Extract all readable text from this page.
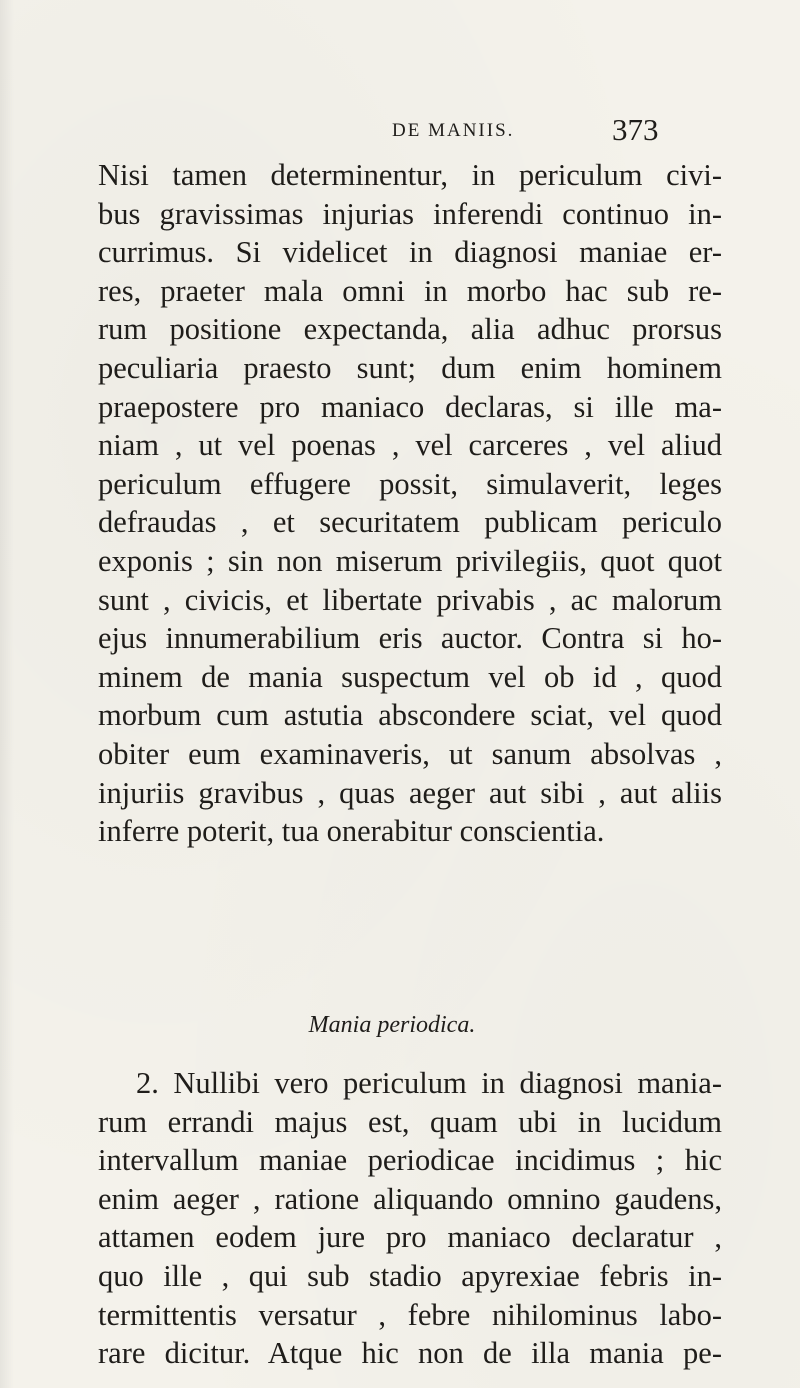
DE MANIIS.	373
Nisi tamen determinentur, in periculum civi-
bus gravissimas injurias inferendi continuo in-
currimus. Si videlicet in diagnosi maniae er-
res, praeter mala omni in morbo hac sub re-
rum positione expectanda, alia adhuc prorsus
peculiaria praesto sunt; dum enim hominem
praepostere pro maniaco declaras, si ille ma-
niam , ut vel poenas , vel carceres , vel aliud
periculum effugere possit, simulaverit, leges
defraudas , et securitatem publicam periculo
exponis ; sin non miserum privilegiis, quot quot
sunt , civicis, et libertate privabis , ac malorum
ejus innumerabilium eris auctor. Contra si ho-
minem de mania suspectum vel ob id , quod
morbum cum astutia abscondere sciat, vel quod
obiter eum examinaveris, ut sanum absolvas ,
injuriis gravibus , quas aeger aut sibi , aut aliis
inferre poterit, tua onerabitur conscientia.
Mania periodica.
2. Nullibi vero periculum in diagnosi mania-
rum errandi majus est, quam ubi in lucidum
intervallum maniae periodicae incidimus ; hic
enim aeger , ratione aliquando omnino gaudens,
attamen eodem jure pro maniaco declaratur ,
quo ille , qui sub stadio apyrexiae febris in-
termittentis versatur , febre nihilominus labo-
rare dicitur. Atque hic non de illa mania pe-
